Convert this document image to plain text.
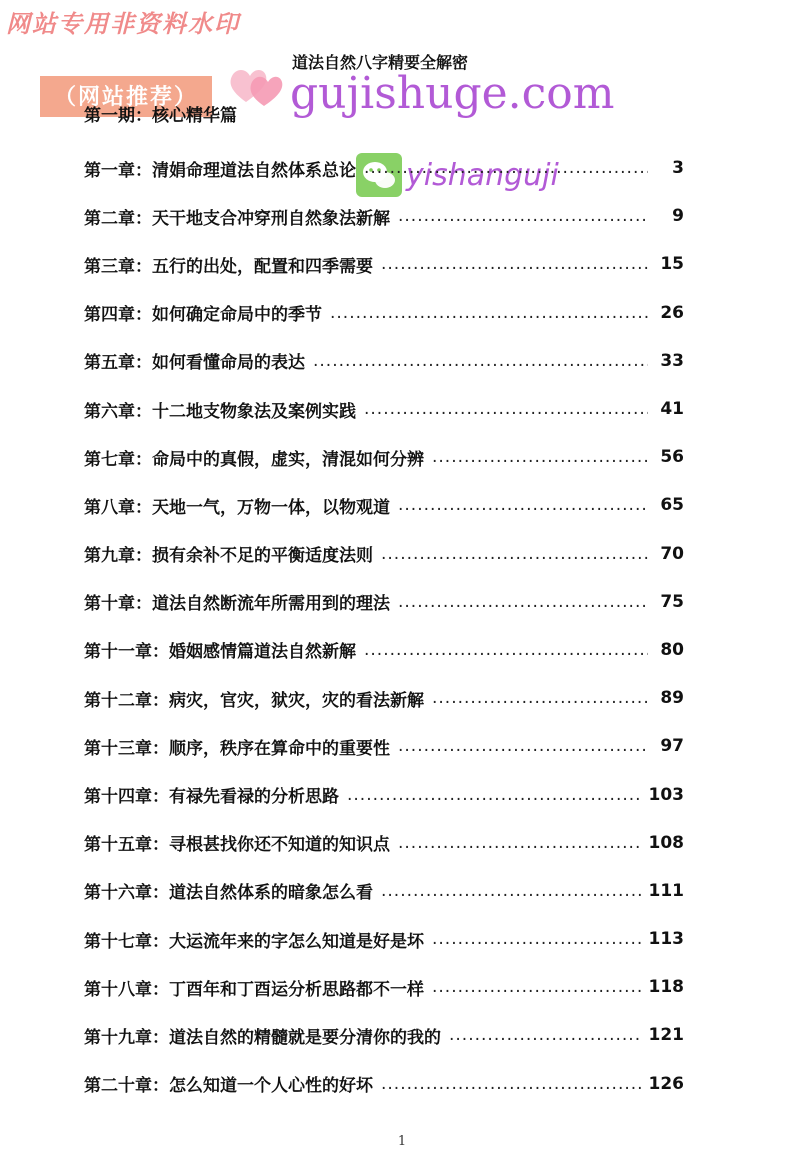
网站专用非资料水印
道法自然八字精要全解密
（网站推荐）	gujishuge.com
第一期：核心精华篇
yishanguji
第一章：清娟命理道法自然体系总论 .....	3
第二章：天干地支合冲穿刑自然象法新解 .....	9
第三章：五行的出处，配置和四季需要 .....	15
第四章：如何确定命局中的季节 .....	26
第五章：如何看懂命局的表达 .....	33
第六章：十二地支物象法及案例实践 .....	41
第七章：命局中的真假，虚实，清混如何分辨 .....	56
第八章：天地一气，万物一体，以物观道 .....	65
第九章：损有余补不足的平衡适度法则 .....	70
第十章：道法自然断流年所需用到的理法 .....	75
第十一章：婚姻感情篇道法自然新解 .....	80
第十二章：病灾，官灾，狱灾，灾的看法新解 .....	89
第十三章：顺序，秩序在算命中的重要性 .....	97
第十四章：有禄先看禄的分析思路 .....	103
第十五章：寻根甚找你还不知道的知识点 .....	108
第十六章：道法自然体系的暗象怎么看 .....	111
第十七章：大运流年来的字怎么知道是好是坏 .....	113
第十八章：丁酉年和丁酉运分析思路都不一样 .....	118
第十九章：道法自然的精髓就是要分清你的我的 .....	121
第二十章：怎么知道一个人心性的好坏 .....	126
1
